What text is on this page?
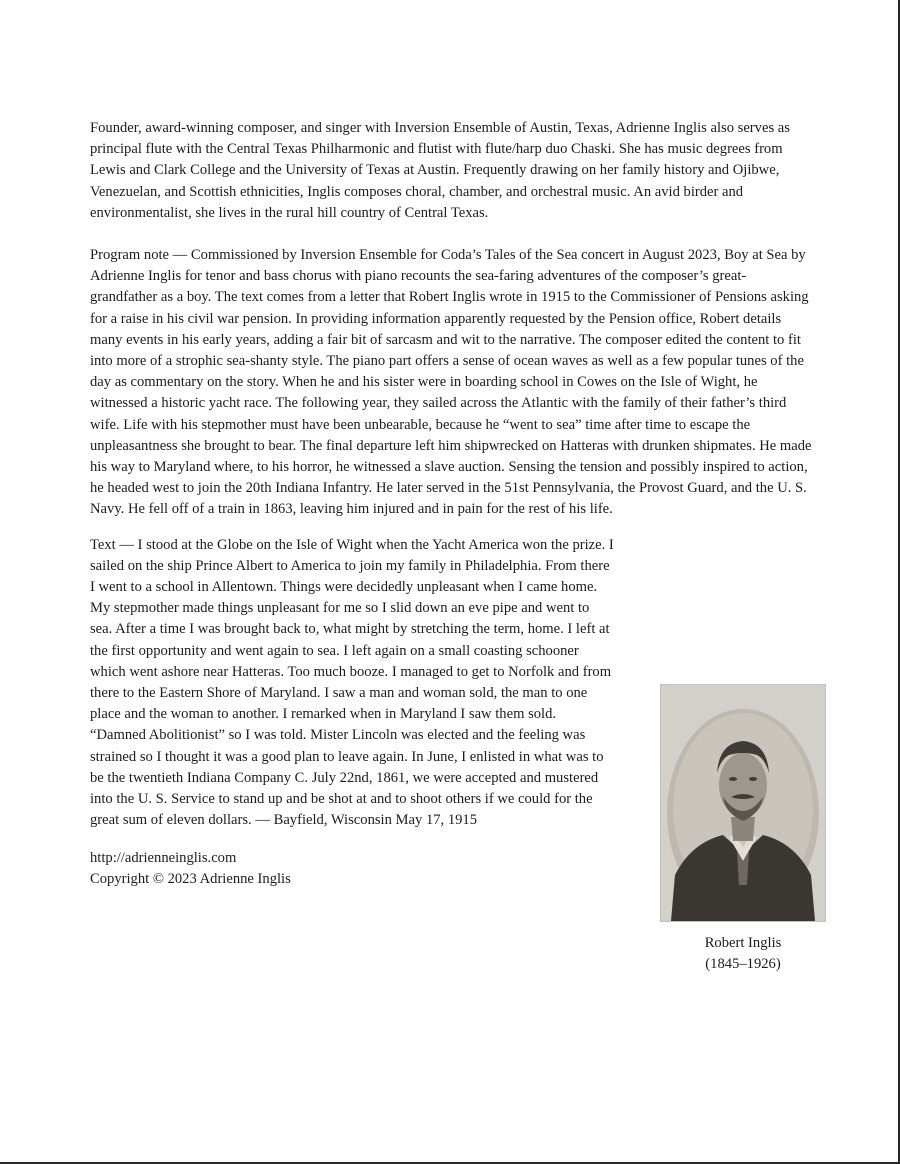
Founder, award-winning composer, and singer with Inversion Ensemble of Austin, Texas, Adrienne Inglis also serves as principal flute with the Central Texas Philharmonic and flutist with flute/harp duo Chaski. She has music degrees from Lewis and Clark College and the University of Texas at Austin. Frequently drawing on her family history and Ojibwe, Venezuelan, and Scottish ethnicities, Inglis composes choral, chamber, and orchestral music. An avid birder and environmentalist, she lives in the rural hill country of Central Texas.

Program note — Commissioned by Inversion Ensemble for Coda’s Tales of the Sea concert in August 2023, Boy at Sea by Adrienne Inglis for tenor and bass chorus with piano recounts the sea-faring adventures of the composer’s great-grandfather as a boy. The text comes from a letter that Robert Inglis wrote in 1915 to the Commissioner of Pensions asking for a raise in his civil war pension. In providing information apparently requested by the Pension office, Robert details many events in his early years, adding a fair bit of sarcasm and wit to the narrative. The composer edited the content to fit into more of a strophic sea-shanty style. The piano part offers a sense of ocean waves as well as a few popular tunes of the day as commentary on the story. When he and his sister were in boarding school in Cowes on the Isle of Wight, he witnessed a historic yacht race. The following year, they sailed across the Atlantic with the family of their father’s third wife. Life with his stepmother must have been unbearable, because he “went to sea” time after time to escape the unpleasantness she brought to bear. The final departure left him shipwrecked on Hatteras with drunken shipmates. He made his way to Maryland where, to his horror, he witnessed a slave auction. Sensing the tension and possibly inspired to action, he headed west to join the 20th Indiana Infantry. He later served in the 51st Pennsylvania, the Provost Guard, and the U. S. Navy. He fell off of a train in 1863, leaving him injured and in pain for the rest of his life.

Text — I stood at the Globe on the Isle of Wight when the Yacht America won the prize. I sailed on the ship Prince Albert to America to join my family in Philadelphia. From there I went to a school in Allentown. Things were decidedly unpleasant when I came home. My stepmother made things unpleasant for me so I slid down an eve pipe and went to sea. After a time I was brought back to, what might by stretching the term, home. I left at the first opportunity and went again to sea. I left again on a small coasting schooner which went ashore near Hatteras. Too much booze. I managed to get to Norfolk and from there to the Eastern Shore of Maryland. I saw a man and woman sold, the man to one place and the woman to another. I remarked when in Maryland I saw them sold. “Damned Abolitionist” so I was told. Mister Lincoln was elected and the feeling was strained so I thought it was a good plan to leave again. In June, I enlisted in what was to be the twentieth Indiana Company C. July 22nd, 1861, we were accepted and mustered into the U. S. Service to stand up and be shot at and to shoot others if we could for the great sum of eleven dollars. — Bayfield, Wisconsin May 17, 1915

http://adrienneinglis.com
Copyright © 2023 Adrienne Inglis
Robert Inglis
(1845–1926)
